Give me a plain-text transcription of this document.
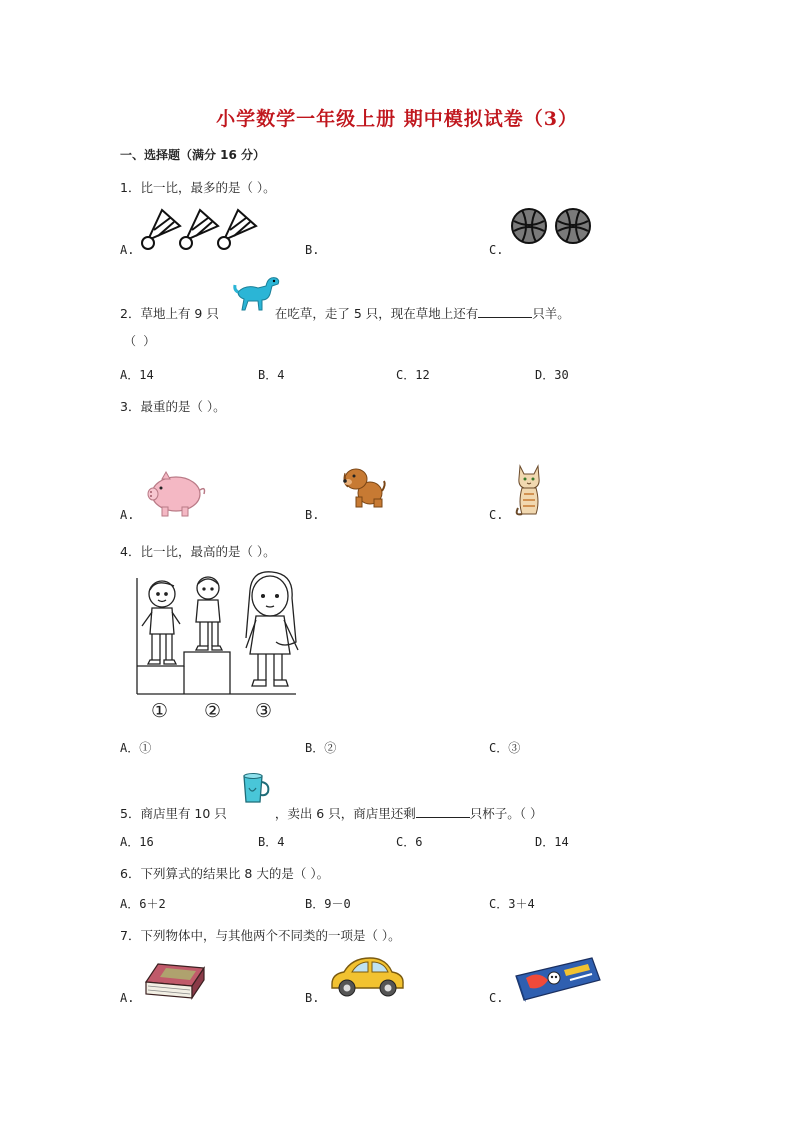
小学数学一年级上册 期中模拟试卷（3）
一、选择题（满分 16 分）
1．比一比，最多的是（ ）。
A.	B.	C.
2．草地上有 9 只	在吃草，走了 5 只，现在草地上还有	只羊。
（ ）
A．14	B．4	C．12	D．30
3．最重的是（ ）。
A.	B.	C.
4．比一比，最高的是（ ）。
① ② ③
A．①	B．②	C．③
5．商店里有 10 只	，卖出 6 只，商店里还剩	只杯子。（ ）
A．16	B．4	C．6	D．14
6．下列算式的结果比 8 大的是（ ）。
A．6＋2	B．9－0	C．3＋4
7．下列物体中，与其他两个不同类的一项是（ ）。
A.	B.	C.
